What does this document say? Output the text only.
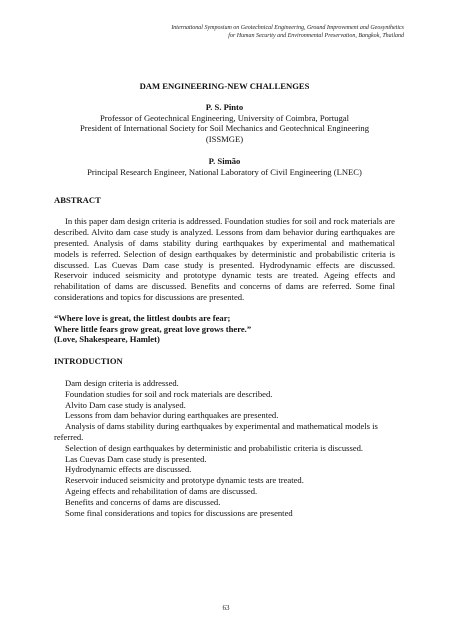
International Symposium on Geotechnical Engineering, Ground Improvement and Geosynthetics
for Human Security and Environmental Preservation, Bangkok, Thailand
DAM ENGINEERING-NEW CHALLENGES
P. S. Pinto
Professor of Geotechnical Engineering, University of Coimbra, Portugal
President of International Society for Soil Mechanics and Geotechnical Engineering
(ISSMGE)
P. Simão
Principal Research Engineer, National Laboratory of Civil Engineering (LNEC)
ABSTRACT
In this paper dam design criteria is addressed. Foundation studies for soil and rock materials are described. Alvito dam case study is analyzed. Lessons from dam behavior during earthquakes are presented. Analysis of dams stability during earthquakes by experimental and mathematical models is referred. Selection of design earthquakes by deterministic and probabilistic criteria is discussed. Las Cuevas Dam case study is presented. Hydrodynamic effects are discussed. Reservoir induced seismicity and prototype dynamic tests are treated. Ageing effects and rehabilitation of dams are discussed. Benefits and concerns of dams are referred. Some final considerations and topics for discussions are presented.
“Where love is great, the littlest doubts are fear;
Where little fears grow great, great love grows there.”
(Love, Shakespeare, Hamlet)
INTRODUCTION
Dam design criteria is addressed.
Foundation studies for soil and rock materials are described.
Alvito Dam case study is analysed.
Lessons from dam behavior during earthquakes are presented.
Analysis of dams stability during earthquakes by experimental and mathematical models is referred.
Selection of design earthquakes by deterministic and probabilistic criteria is discussed.
Las Cuevas Dam case study is presented.
Hydrodynamic effects are discussed.
Reservoir induced seismicity and prototype dynamic tests are treated.
Ageing effects and rehabilitation of dams are discussed.
Benefits and concerns of dams are discussed.
Some final considerations and topics for discussions are presented
63
